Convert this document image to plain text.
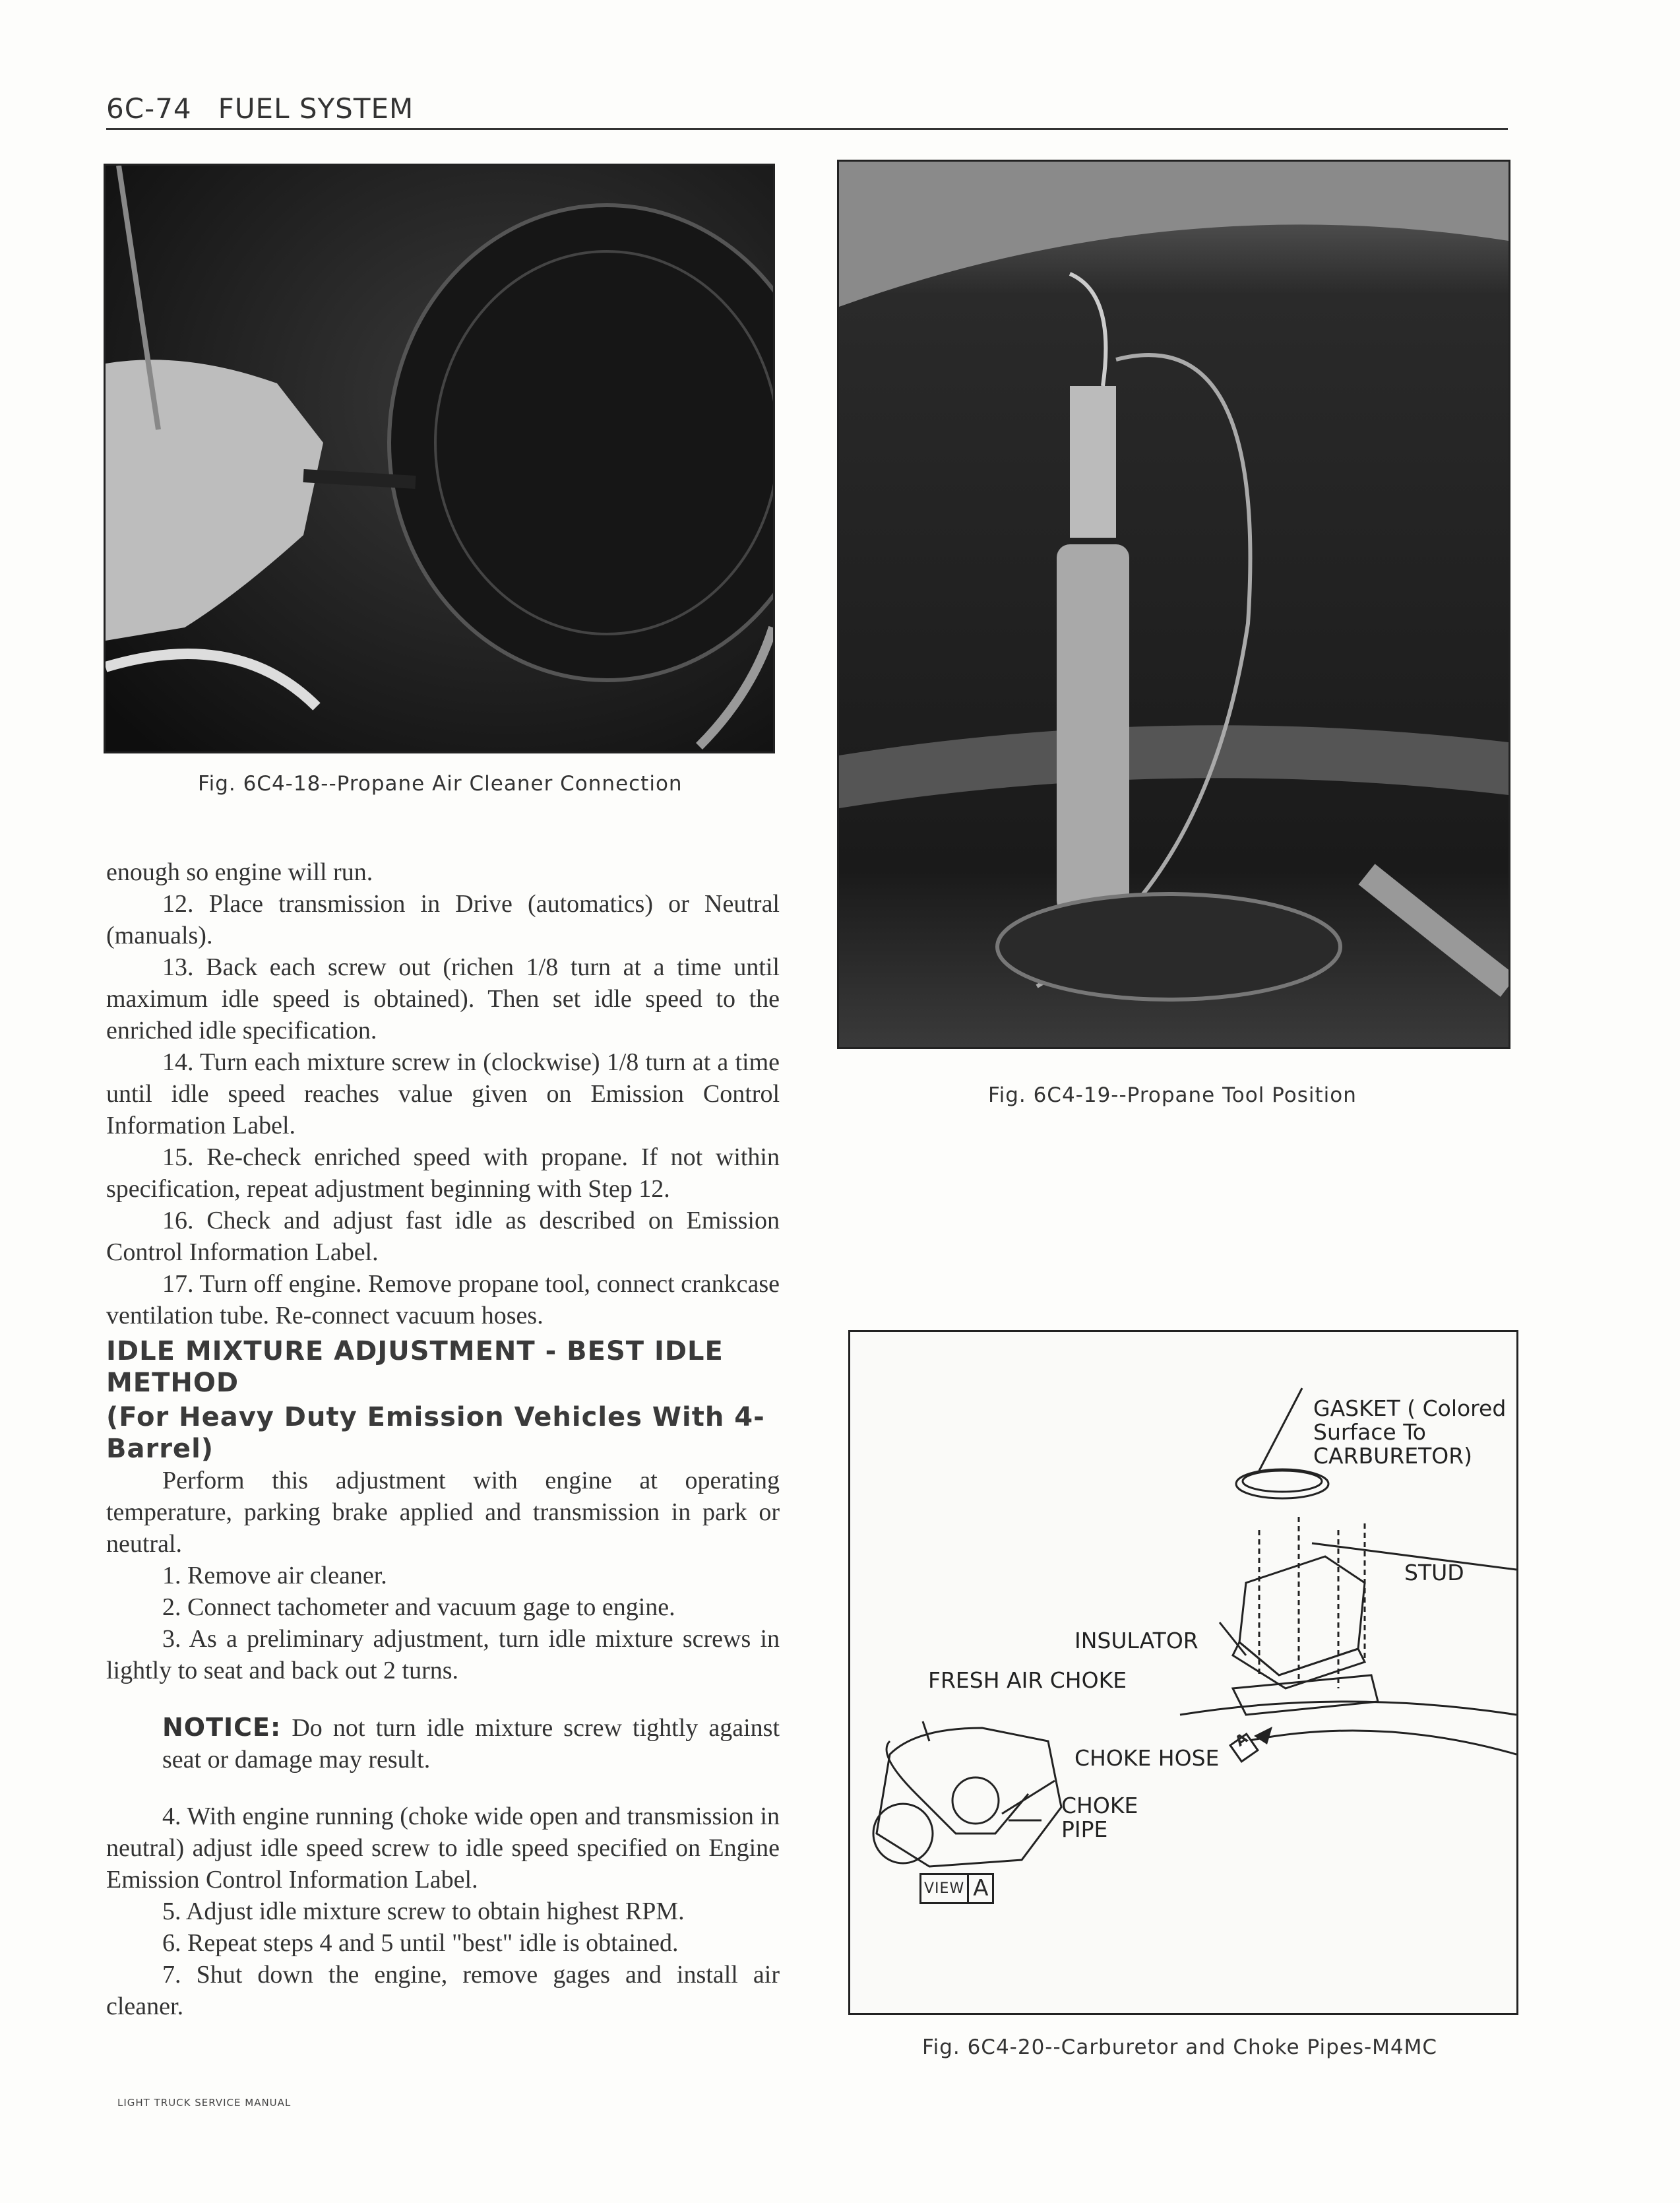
6C-74 FUEL SYSTEM
Fig. 6C4-18--Propane Air Cleaner Connection
Fig. 6C4-19--Propane Tool Position

enough so engine will run.

12. Place transmission in Drive (automatics) or Neutral (manuals).

13. Back each screw out (richen 1/8 turn at a time until maximum idle speed is obtained). Then set idle speed to the enriched idle specification.

14. Turn each mixture screw in (clockwise) 1/8 turn at a time until idle speed reaches value given on Emission Control Information Label.

15. Re-check enriched speed with propane. If not within specification, repeat adjustment beginning with Step 12.

16. Check and adjust fast idle as described on Emission Control Information Label.

17. Turn off engine. Remove propane tool, connect crankcase ventilation tube. Re-connect vacuum hoses.

IDLE MIXTURE ADJUSTMENT - BEST IDLE METHOD

(For Heavy Duty Emission Vehicles With 4-Barrel)

Perform this adjustment with engine at operating temperature, parking brake applied and transmission in park or neutral.

1. Remove air cleaner.

2. Connect tachometer and vacuum gage to engine.

3. As a preliminary adjustment, turn idle mixture screws in lightly to seat and back out 2 turns.

NOTICE: Do not turn idle mixture screw tightly against seat or damage may result.

4. With engine running (choke wide open and transmission in neutral) adjust idle speed screw to idle speed specified on Engine Emission Control Information Label.

5. Adjust idle mixture screw to obtain highest RPM.

6. Repeat steps 4 and 5 until "best" idle is obtained.

7. Shut down the engine, remove gages and install air cleaner.

GASKET ( Colored
Surface To
CARBURETOR)
STUD
INSULATOR
FRESH AIR CHOKE
CHOKE HOSE
CHOKE
PIPE
A
VIEW A
Fig. 6C4-20--Carburetor and Choke Pipes-M4MC
LIGHT TRUCK SERVICE MANUAL
